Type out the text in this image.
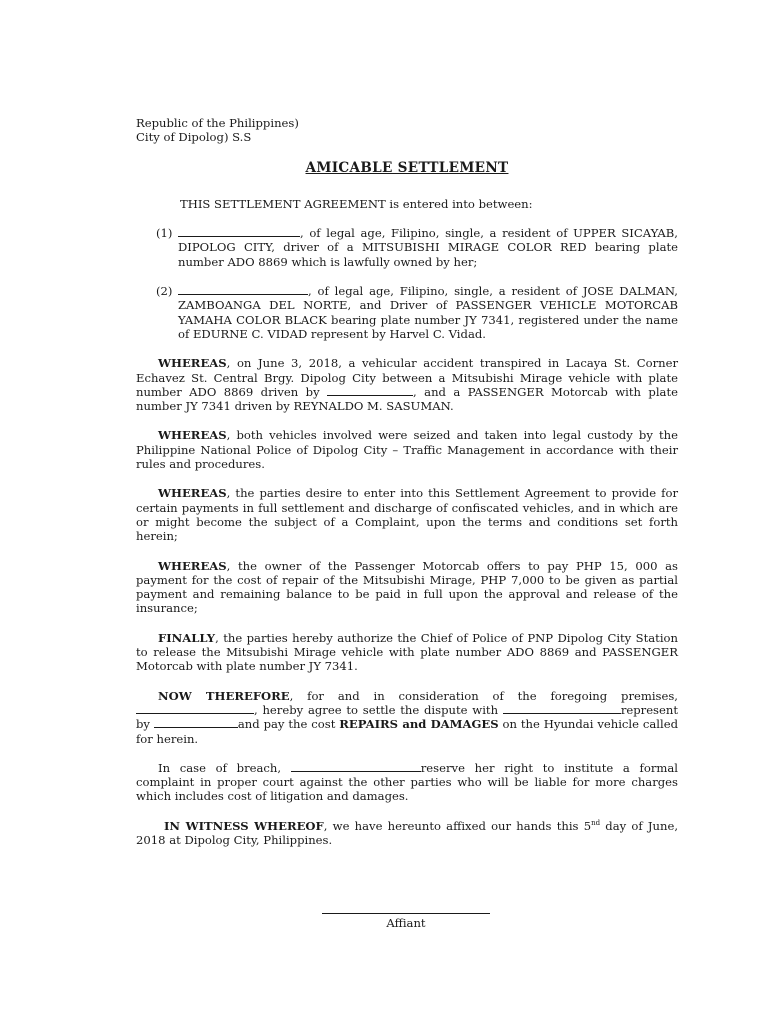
Republic of the Philippines)
City of Dipolog) S.S
AMICABLE SETTLEMENT
THIS SETTLEMENT AGREEMENT is entered into between:
(1)	, of legal age, Filipino, single, a resident of UPPER SICAYAB, DIPOLOG CITY, driver of a MITSUBISHI MIRAGE COLOR RED bearing plate number ADO 8869 which is lawfully owned by her;
(2)	, of legal age, Filipino, single, a resident of JOSE DALMAN, ZAMBOANGA DEL NORTE, and Driver of PASSENGER VEHICLE MOTORCAB YAMAHA COLOR BLACK bearing plate number JY 7341, registered under the name of EDURNE C. VIDAD represent by Harvel C. Vidad.
WHEREAS, on June 3, 2018, a vehicular accident transpired in Lacaya St. Corner Echavez St. Central Brgy. Dipolog City between a Mitsubishi Mirage vehicle with plate number ADO 8869 driven by	, and a PASSENGER Motorcab with plate number JY 7341 driven by REYNALDO M. SASUMAN.
WHEREAS, both vehicles involved were seized and taken into legal custody by the Philippine National Police of Dipolog City – Traffic Management in accordance with their rules and procedures.
WHEREAS, the parties desire to enter into this Settlement Agreement to provide for certain payments in full settlement and discharge of confiscated vehicles, and in which are or might become the subject of a Complaint, upon the terms and conditions set forth herein;
WHEREAS, the owner of the Passenger Motorcab offers to pay PHP 15, 000 as payment for the cost of repair of the Mitsubishi Mirage, PHP 7,000 to be given as partial payment and remaining balance to be paid in full upon the approval and release of the insurance;
FINALLY, the parties hereby authorize the Chief of Police of PNP Dipolog City Station to release the Mitsubishi Mirage vehicle with plate number ADO 8869 and PASSENGER Motorcab with plate number JY 7341.
NOW THEREFORE, for and in consideration of the foregoing premises, , hereby agree to settle the dispute with	represent by	and pay the cost REPAIRS and DAMAGES on the Hyundai vehicle called for herein.
In case of breach,	reserve her right to institute a formal complaint in proper court against the other parties who will be liable for more charges which includes cost of litigation and damages.
IN WITNESS WHEREOF, we have hereunto affixed our hands this 5nd day of June, 2018 at Dipolog City, Philippines.
Affiant
